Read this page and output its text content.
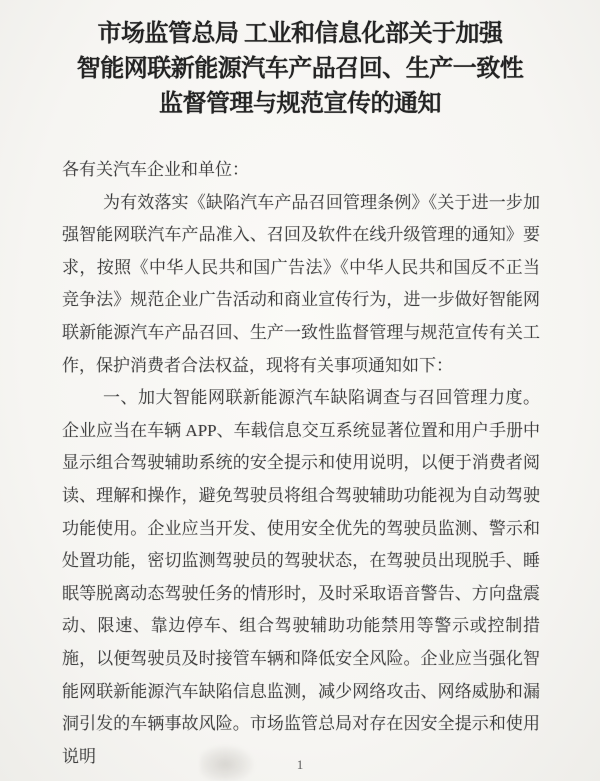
市场监管总局 工业和信息化部关于加强
智能网联新能源汽车产品召回、生产一致性
监督管理与规范宣传的通知

各有关汽车企业和单位：

为有效落实《缺陷汽车产品召回管理条例》《关于进一步加强智能网联汽车产品准入、召回及软件在线升级管理的通知》要求，按照《中华人民共和国广告法》《中华人民共和国反不正当竞争法》规范企业广告活动和商业宣传行为，进一步做好智能网联新能源汽车产品召回、生产一致性监督管理与规范宣传有关工作，保护消费者合法权益，现将有关事项通知如下：

一、加大智能网联新能源汽车缺陷调查与召回管理力度。企业应当在车辆 APP、车载信息交互系统显著位置和用户手册中显示组合驾驶辅助系统的安全提示和使用说明，以便于消费者阅读、理解和操作，避免驾驶员将组合驾驶辅助功能视为自动驾驶功能使用。企业应当开发、使用安全优先的驾驶员监测、警示和处置功能，密切监测驾驶员的驾驶状态，在驾驶员出现脱手、睡眠等脱离动态驾驶任务的情形时，及时采取语音警告、方向盘震动、限速、靠边停车、组合驾驶辅助功能禁用等警示或控制措施，以便驾驶员及时接管车辆和降低安全风险。企业应当强化智能网联新能源汽车缺陷信息监测，减少网络攻击、网络威胁和漏洞引发的车辆事故风险。市场监管总局对存在因安全提示和使用说明	1
